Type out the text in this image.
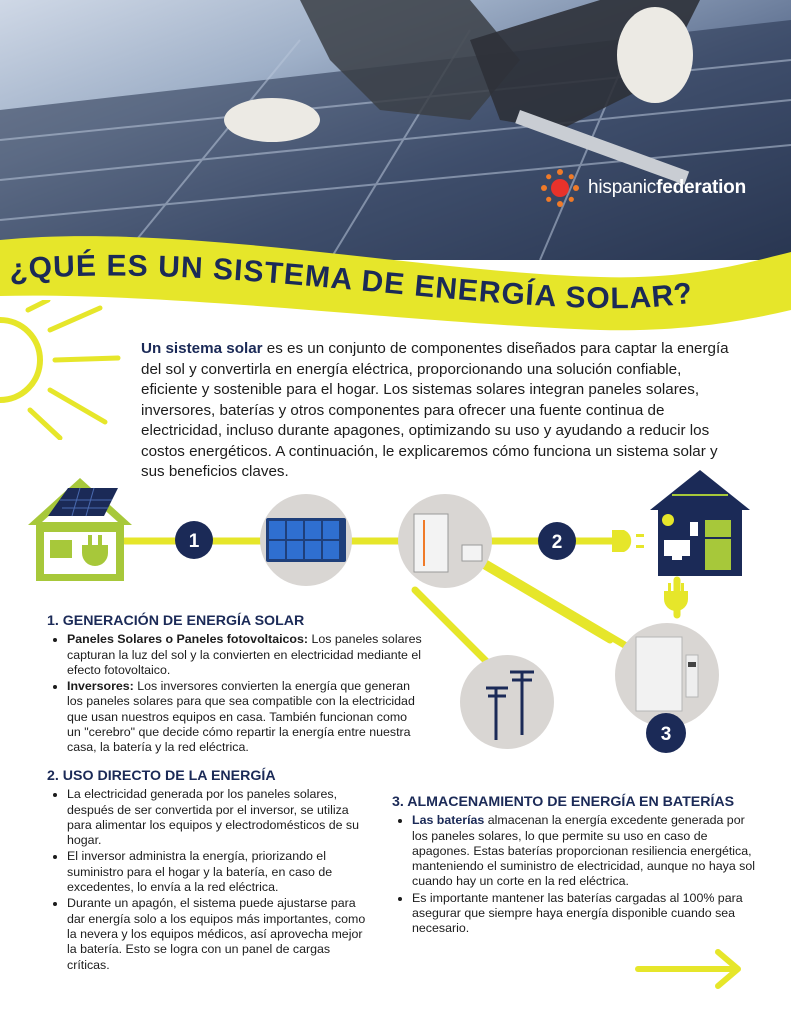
hispanicfederation
¿QUÉ ES UN SISTEMA DE ENERGÍA SOLAR?

Un sistema solar es es un conjunto de componentes diseñados para captar la energía del sol y convertirla en energía eléctrica, proporcionando una solución confiable, eficiente y sostenible para el hogar. Los sistemas solares integran paneles solares, inversores, baterías y otros componentes para ofrecer una fuente continua de electricidad, incluso durante apagones, optimizando su uso y ayudando a reducir los costos energéticos. A continuación, le explicaremos cómo funciona un sistema solar y sus beneficios claves.

1	2
3
1. GENERACIÓN DE ENERGÍA SOLAR
• Paneles Solares o Paneles fotovoltaicos: Los paneles solares capturan la luz del sol y la convierten en electricidad mediante el efecto fotovoltaico.
• Inversores: Los inversores convierten la energía que generan los paneles solares para que sea compatible con la electricidad que usan nuestros equipos en casa. También funcionan como un "cerebro" que decide cómo repartir la energía entre nuestra casa, la batería y la red eléctrica.
2. USO DIRECTO DE LA ENERGÍA
• La electricidad generada por los paneles solares, después de ser convertida por el inversor, se utiliza para alimentar los equipos y electrodomésticos de su hogar.
• El inversor administra la energía, priorizando el suministro para el hogar y la batería, en caso de excedentes, lo envía a la red eléctrica.
• Durante un apagón, el sistema puede ajustarse para dar energía solo a los equipos más importantes, como la nevera y los equipos médicos, así aprovecha mejor la batería. Esto se logra con un panel de cargas críticas.
3. ALMACENAMIENTO DE ENERGÍA EN BATERÍAS
• Las baterías almacenan la energía excedente generada por los paneles solares, lo que permite su uso en caso de apagones. Estas baterías proporcionan resiliencia energética, manteniendo el suministro de electricidad, aunque no haya sol cuando hay un corte en la red eléctrica.
• Es importante mantener las baterías cargadas al 100% para asegurar que siempre haya energía disponible cuando sea necesario.
